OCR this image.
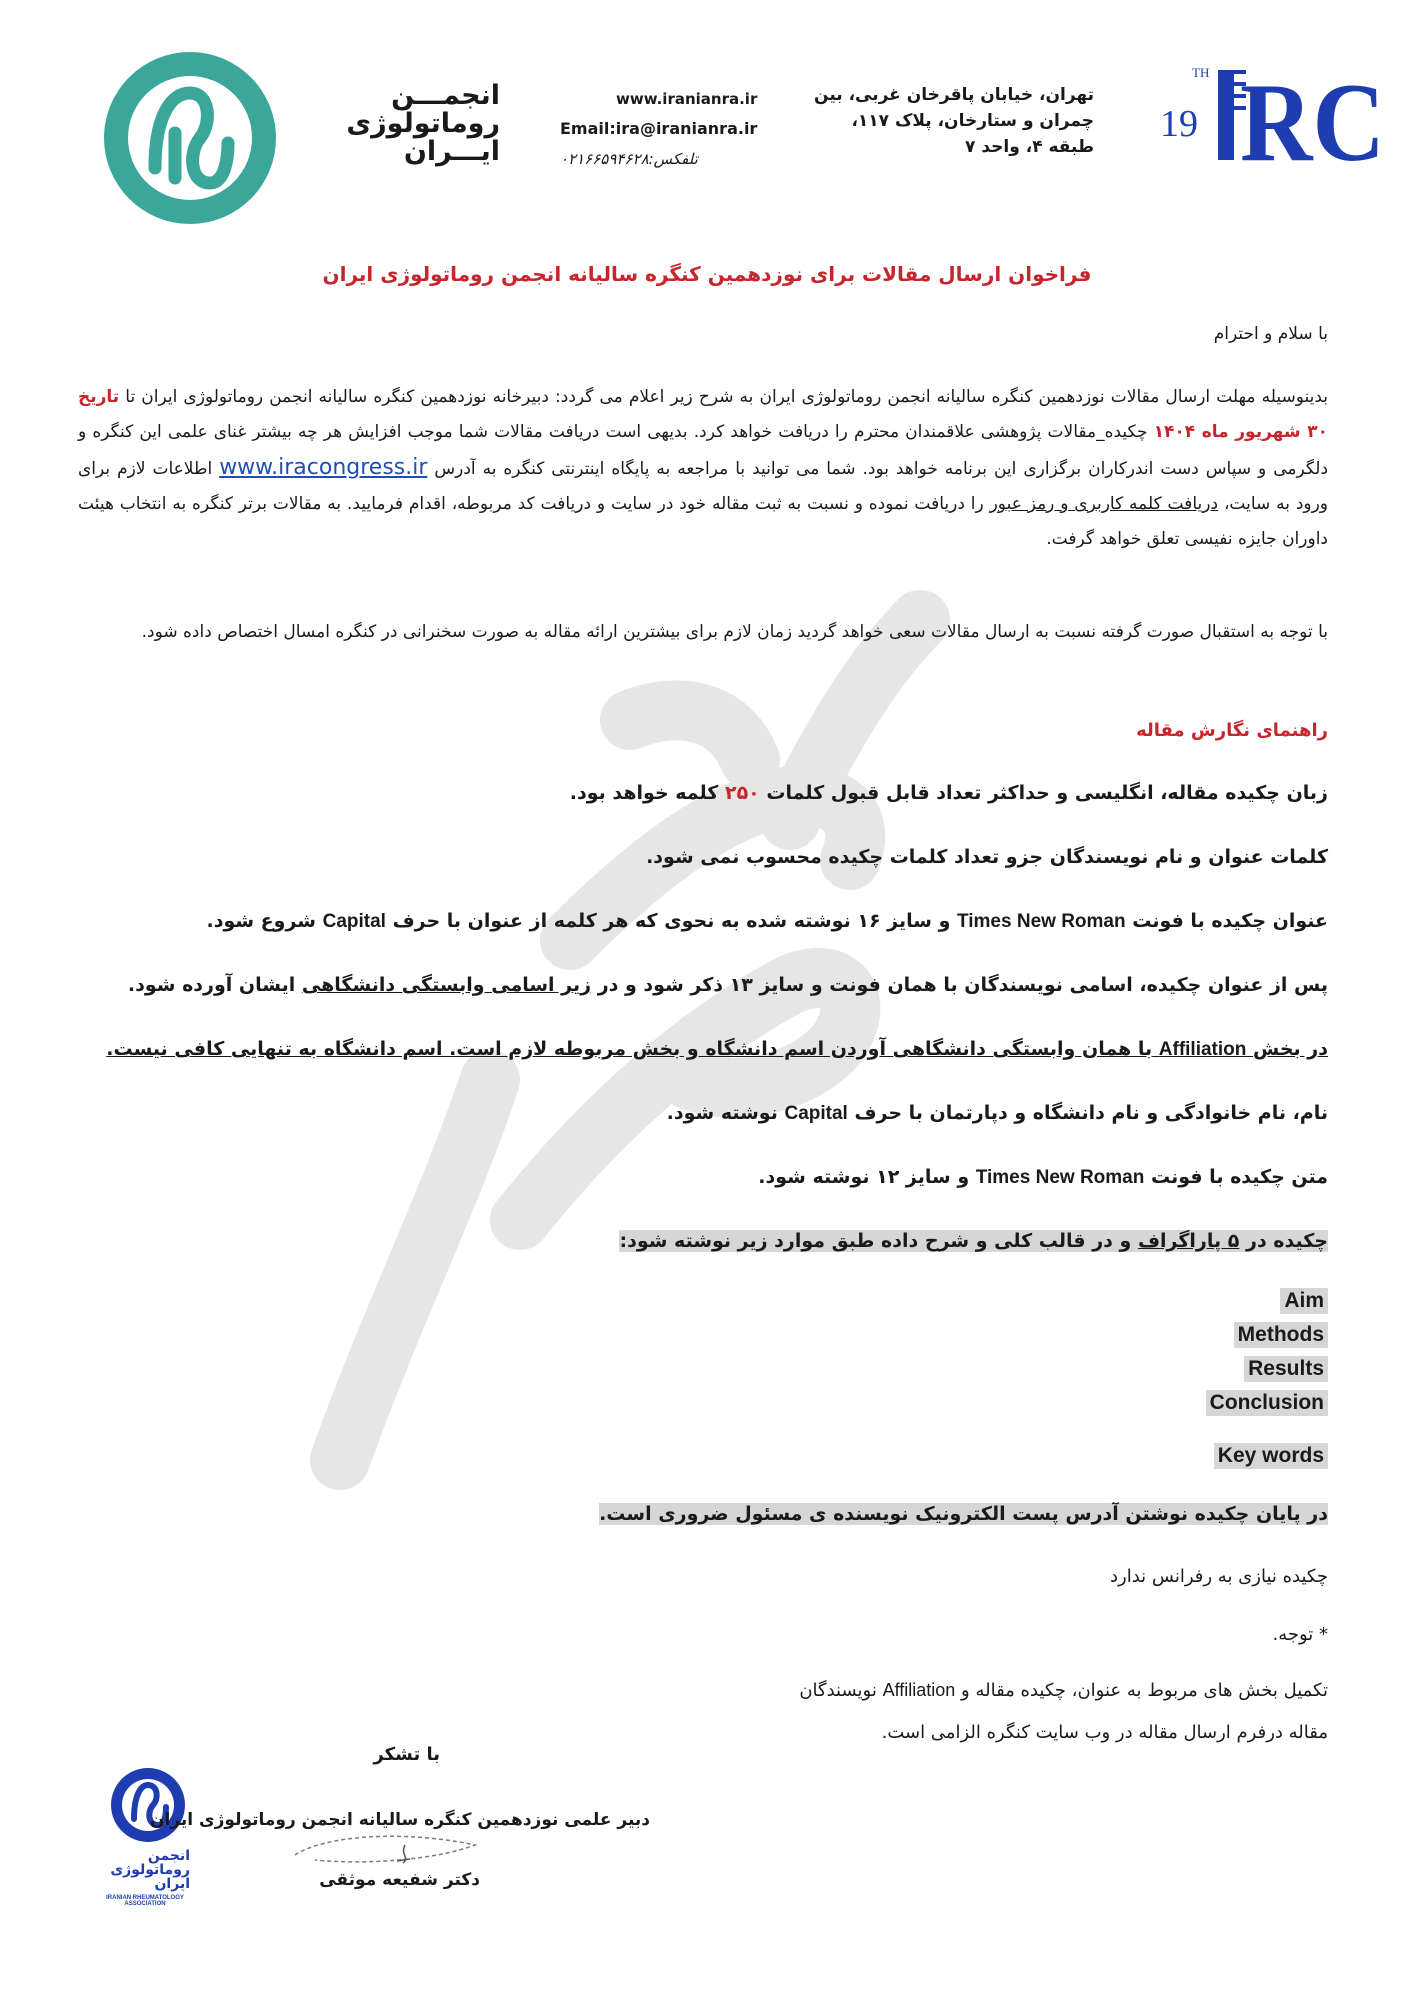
انجمـــن
روماتولوژی
ایـــران
www.iranianra.ir
Email:ira@iranianra.ir
تلفکس:۰۲۱۶۶۵۹۴۶۲۸
تهران، خیابان پاقرخان غربی، بین
چمران و ستارخان، پلاک ۱۱۷،
طبقه ۴، واحد ۷
19
TH RC
فراخوان ارسال مقالات برای نوزدهمین کنگره سالیانه انجمن روماتولوژی ایران
با سلام و احترام
بدینوسیله مهلت ارسال مقالات نوزدهمین کنگره سالیانه انجمن روماتولوژی ایران به شرح زیر اعلام می گردد: دبیرخانه نوزدهمین کنگره سالیانه انجمن روماتولوژی ایران تا تاریخ ۳۰ شهریور ماه ۱۴۰۴ چکیده_مقالات پژوهشی علاقمندان محترم را دریافت خواهد کرد. بدیهی است دریافت مقالات شما موجب افزایش هر چه بیشتر غنای علمی این کنگره و دلگرمی و سپاس دست اندرکاران برگزاری این برنامه خواهد بود. شما می توانید با مراجعه به پایگاه اینترنتی کنگره به آدرس www.iracongress.ir اطلاعات لازم برای ورود به سایت، دریافت کلمه کاربری و رمز عبور را دریافت نموده و نسبت به ثبت مقاله خود در سایت و دریافت کد مربوطه، اقدام فرمایید. به مقالات برتر کنگره به انتخاب هیئت داوران جایزه نفیسی تعلق خواهد گرفت.
با توجه به استقبال صورت گرفته نسبت به ارسال مقالات سعی خواهد گردید زمان لازم برای بیشترین ارائه مقاله به صورت سخنرانی در کنگره امسال اختصاص داده شود.
راهنمای نگارش مقاله
زبان چکیده مقاله، انگلیسی و حداکثر تعداد قابل قبول کلمات ۲۵۰ کلمه خواهد بود.
کلمات عنوان و نام نویسندگان جزو تعداد کلمات چکیده محسوب نمی شود.
عنوان چکیده با فونت Times New Roman و سایز ۱۶ نوشته شده به نحوی که هر کلمه از عنوان با حرف Capital شروع شود.
پس از عنوان چکیده، اسامی نویسندگان با همان فونت و سایز ۱۳ ذکر شود و در زیر اسامی وابستگی دانشگاهی ایشان آورده شود.
در بخش Affiliation با همان وابستگی دانشگاهی آوردن اسم دانشگاه و بخش مربوطه لازم است. اسم دانشگاه به تنهایی کافی نیست.
نام، نام خانوادگی و نام دانشگاه و دپارتمان با حرف Capital نوشته شود.
متن چکیده با فونت Times New Roman و سایز ۱۲ نوشته شود.
چکیده در ۵ پاراگراف و در قالب کلی و شرح داده طبق موارد زیر نوشته شود:
Aim
Methods
Results
Conclusion
Key words
در پایان چکیده نوشتن آدرس پست الکترونیک نویسنده ی مسئول ضروری است.
چکیده نیازی به رفرانس ندارد
* توجه.
تکمیل بخش های مربوط به عنوان، چکیده مقاله و Affiliation نویسندگان
مقاله درفرم ارسال مقاله در وب سایت کنگره الزامی است.
با تشکر
انجمن
روماتولوژی
ایران
IRANIAN RHEUMATOLOGY ASSOCIATION
دبیر علمی نوزدهمین کنگره سالیانه انجمن روماتولوژی ایران
دکتر شفیعه موثقی
